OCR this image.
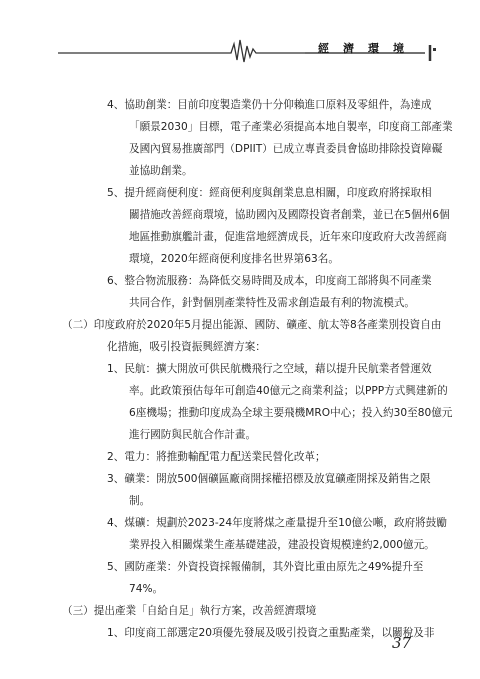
經濟環境
4、協助創業：目前印度製造業仍十分仰賴進口原料及零組件，為達成
「願景2030」目標，電子產業必須提高本地自製率，印度商工部產業
及國內貿易推廣部門（DPIIT）已成立專責委員會協助排除投資障礙
並協助創業。
5、提升經商便利度：經商便利度與創業息息相關，印度政府將採取相
關措施改善經商環境，協助國內及國際投資者創業，並已在5個州6個
地區推動旗艦計畫，促進當地經濟成長，近年來印度政府大改善經商
環境，2020年經商便利度排名世界第63名。
6、整合物流服務：為降低交易時間及成本，印度商工部將與不同產業
共同合作，針對個別產業特性及需求創造最有利的物流模式。
（二）印度政府於2020年5月提出能源、國防、礦產、航太等8各產業別投資自由
化措施，吸引投資振興經濟方案：
1、民航：擴大開放可供民航機飛行之空域，藉以提升民航業者營運效
率。此政策預估每年可創造40億元之商業利益；以PPP方式興建新的
6座機場；推動印度成為全球主要飛機MRO中心；投入約30至80億元
進行國防與民航合作計畫。
2、電力：將推動輸配電力配送業民營化改革；
3、礦業：開放500個礦區廠商開採權招標及放寬礦產開採及銷售之限
制。
4、煤礦：規劃於2023-24年度將煤之產量提升至10億公噸，政府將鼓勵
業界投入相關煤業生產基礎建設，建設投資規模達約2,000億元。
5、國防產業：外資投資採報備制，其外資比重由原先之49%提升至
74%。
（三）提出產業「自給自足」執行方案，改善經濟環境
1、印度商工部選定20項優先發展及吸引投資之重點產業，以關稅及非
37
